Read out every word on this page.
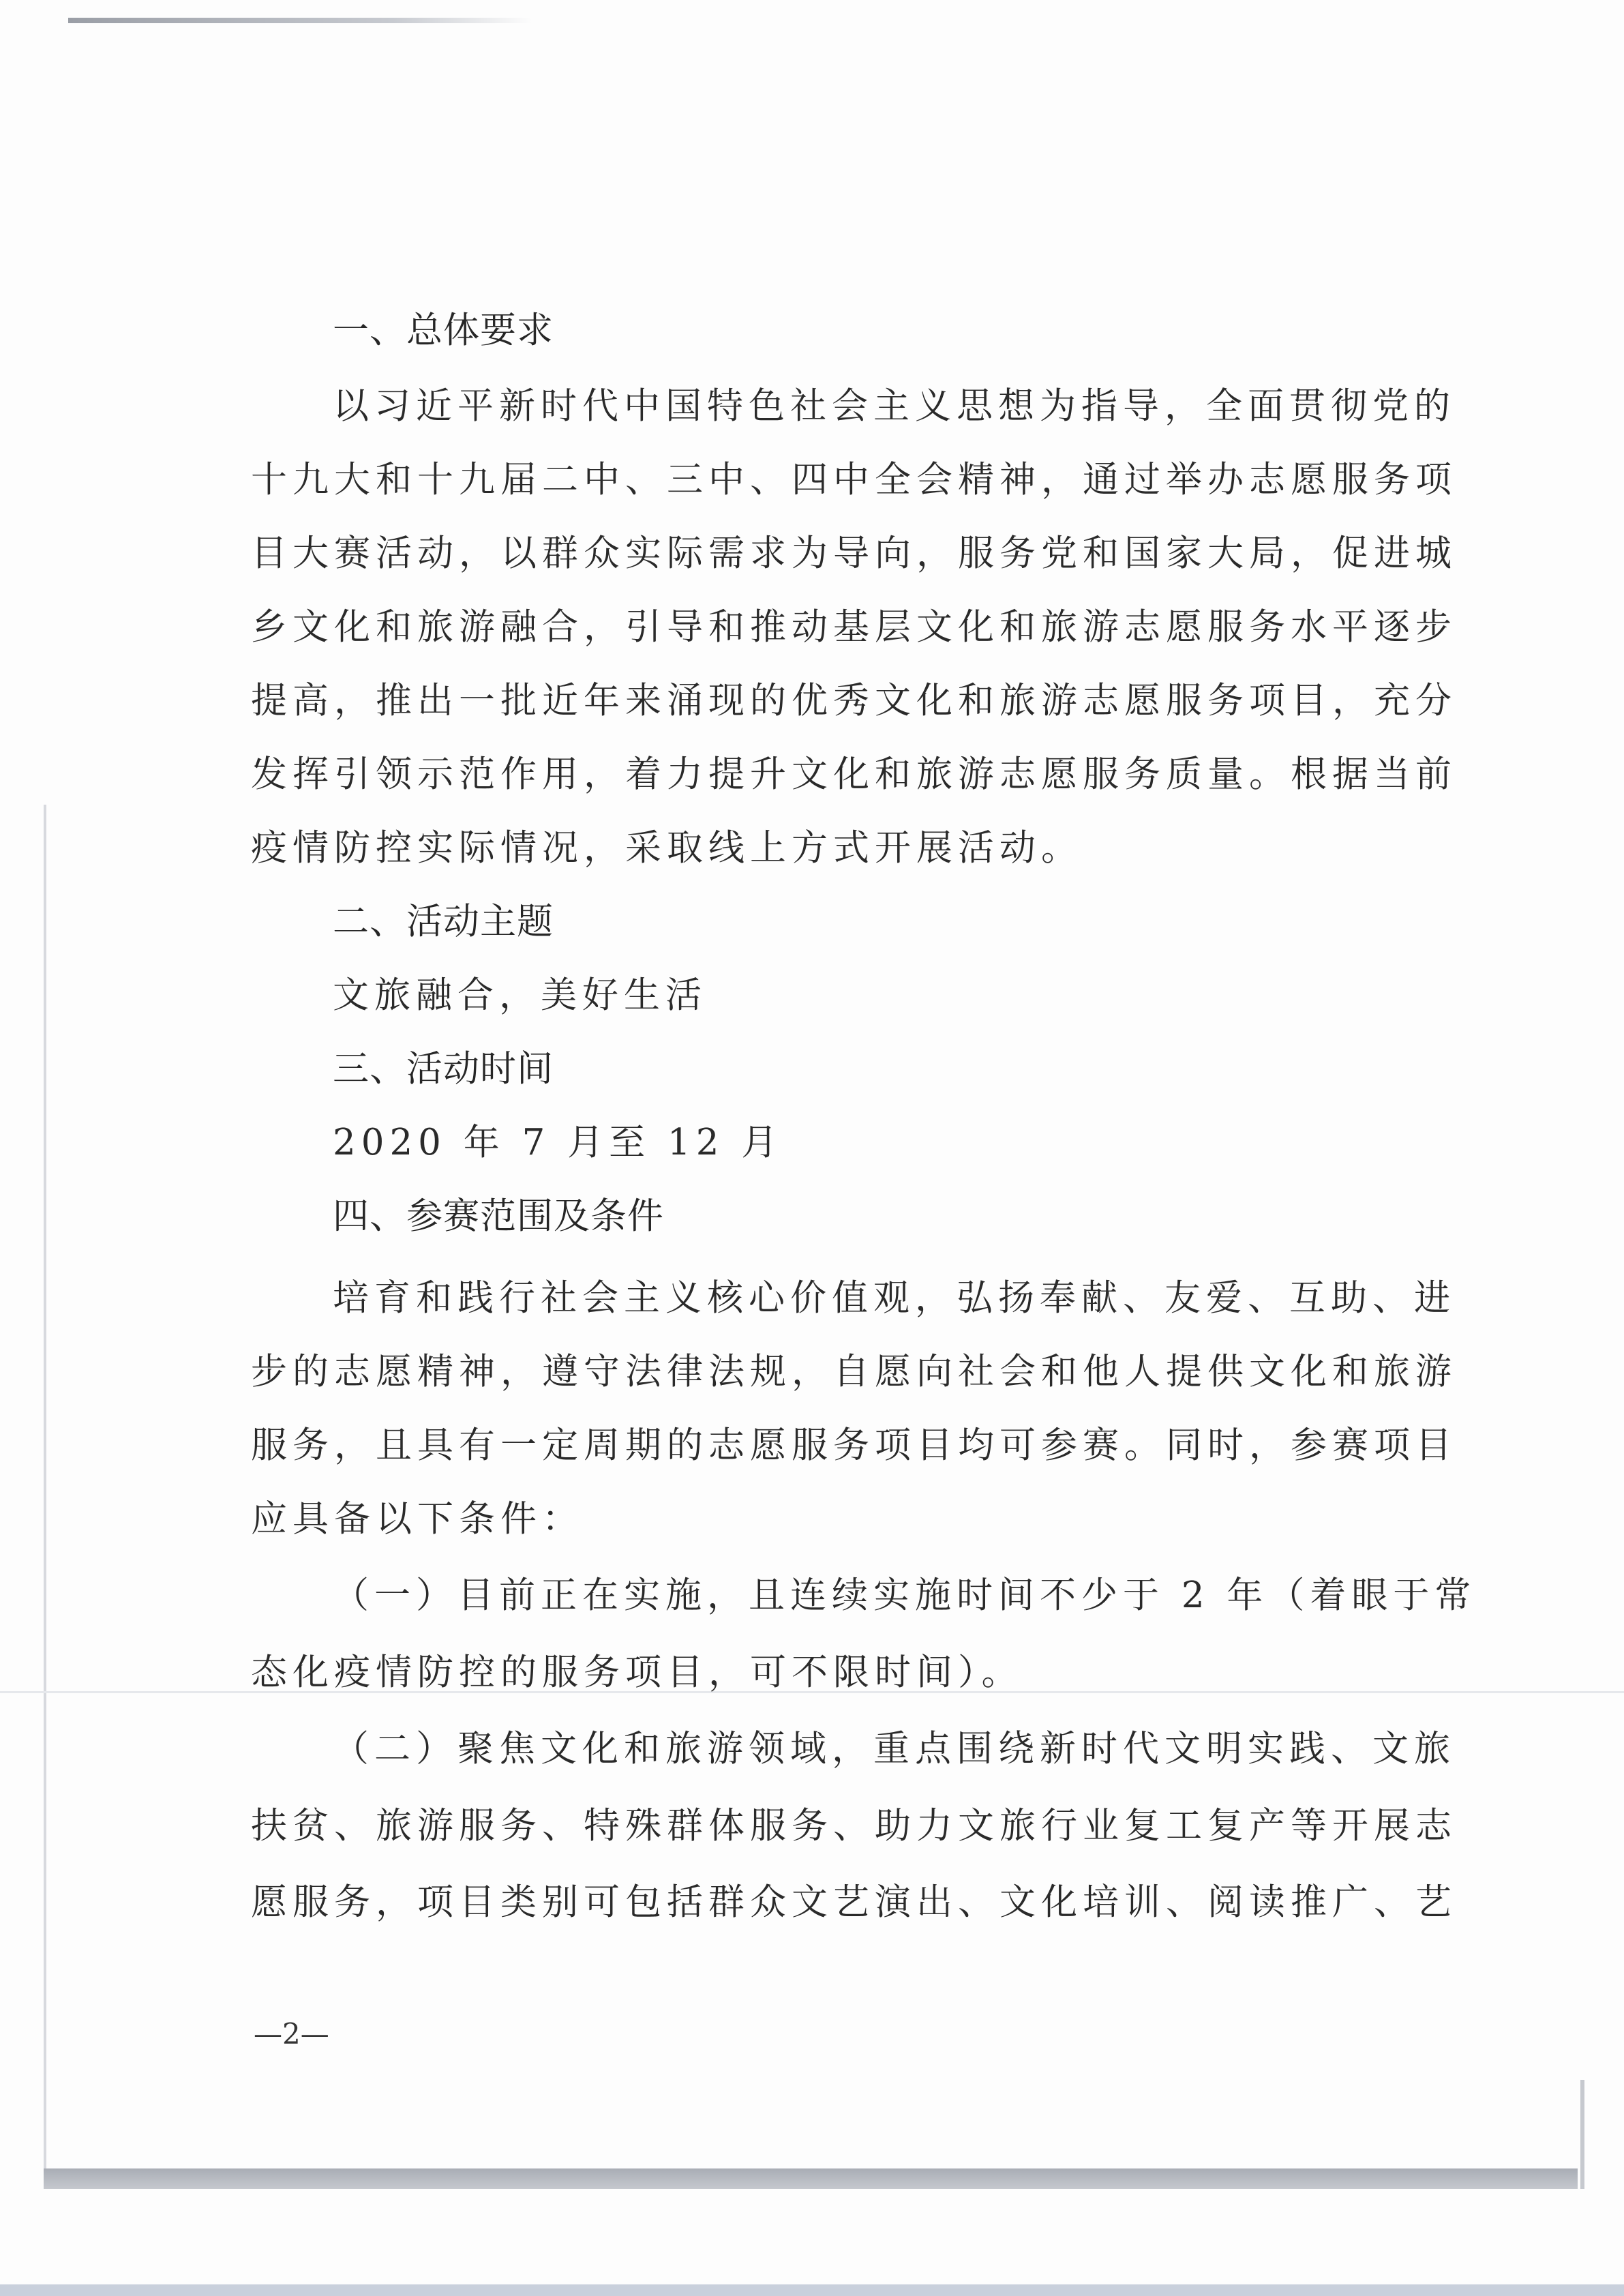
一、总体要求
以习近平新时代中国特色社会主义思想为指导，全面贯彻党的
十九大和十九届二中、三中、四中全会精神，通过举办志愿服务项
目大赛活动，以群众实际需求为导向，服务党和国家大局，促进城
乡文化和旅游融合，引导和推动基层文化和旅游志愿服务水平逐步
提高，推出一批近年来涌现的优秀文化和旅游志愿服务项目，充分
发挥引领示范作用，着力提升文化和旅游志愿服务质量。根据当前
疫情防控实际情况，采取线上方式开展活动。
二、活动主题
文旅融合，美好生活
三、活动时间
2020 年 7 月至 12 月
四、参赛范围及条件
培育和践行社会主义核心价值观，弘扬奉献、友爱、互助、进
步的志愿精神，遵守法律法规，自愿向社会和他人提供文化和旅游
服务，且具有一定周期的志愿服务项目均可参赛。同时，参赛项目
应具备以下条件：
（一）目前正在实施，且连续实施时间不少于 2 年（着眼于常
态化疫情防控的服务项目，可不限时间）。
（二）聚焦文化和旅游领域，重点围绕新时代文明实践、文旅
扶贫、旅游服务、特殊群体服务、助力文旅行业复工复产等开展志
愿服务，项目类别可包括群众文艺演出、文化培训、阅读推广、艺
—2—
